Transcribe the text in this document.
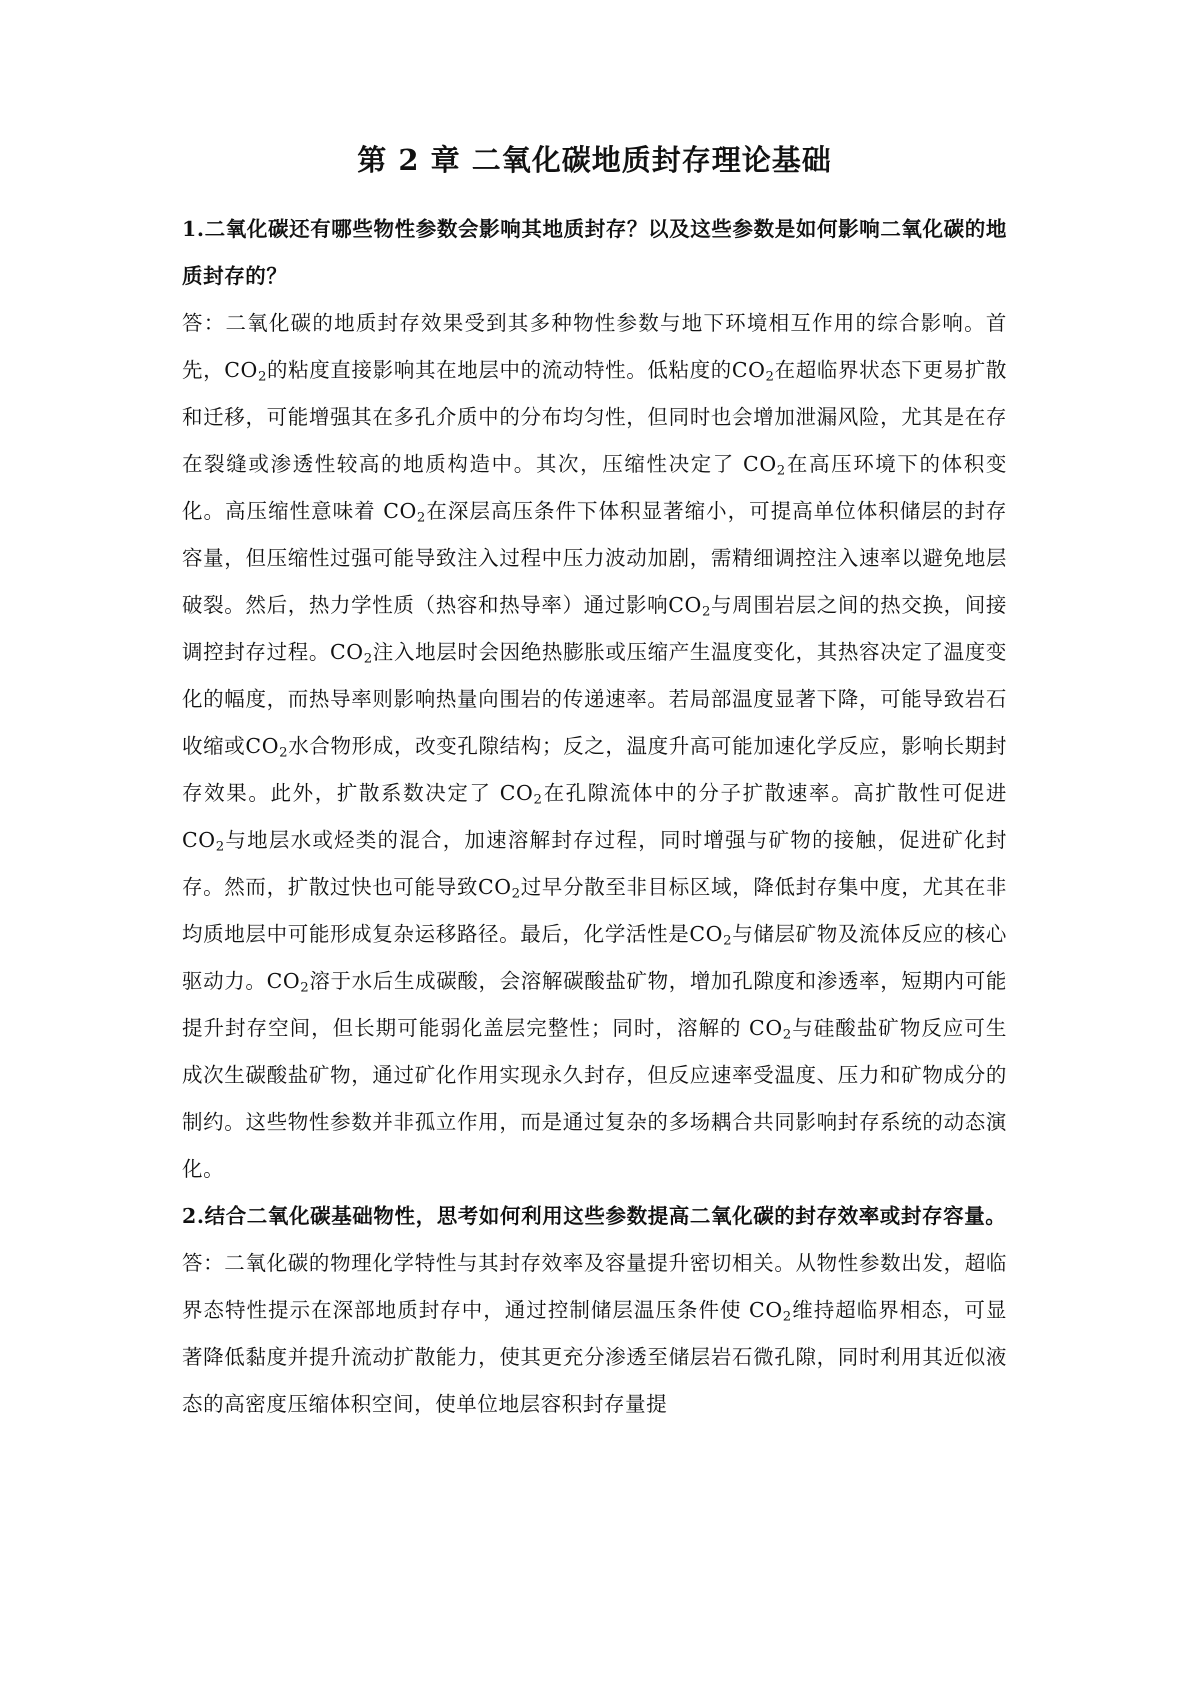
第 2 章 二氧化碳地质封存理论基础

1.二氧化碳还有哪些物性参数会影响其地质封存？以及这些参数是如何影响二氧化碳的地质封存的？

答：二氧化碳的地质封存效果受到其多种物性参数与地下环境相互作用的综合影响。首先，$CO_2$的粘度直接影响其在地层中的流动特性。低粘度的$CO_2$在超临界状态下更易扩散和迁移，可能增强其在多孔介质中的分布均匀性，但同时也会增加泄漏风险，尤其是在存在裂缝或渗透性较高的地质构造中。其次，压缩性决定了 $CO_2$在高压环境下的体积变化。高压缩性意味着 $CO_2$在深层高压条件下体积显著缩小，可提高单位体积储层的封存容量，但压缩性过强可能导致注入过程中压力波动加剧，需精细调控注入速率以避免地层破裂。然后，热力学性质（热容和热导率）通过影响$CO_2$与周围岩层之间的热交换，间接调控封存过程。$CO_2$注入地层时会因绝热膨胀或压缩产生温度变化，其热容决定了温度变化的幅度，而热导率则影响热量向围岩的传递速率。若局部温度显著下降，可能导致岩石收缩或$CO_2$水合物形成，改变孔隙结构；反之，温度升高可能加速化学反应，影响长期封存效果。此外，扩散系数决定了 $CO_2$在孔隙流体中的分子扩散速率。高扩散性可促进 $CO_2$与地层水或烃类的混合，加速溶解封存过程，同时增强与矿物的接触，促进矿化封存。然而，扩散过快也可能导致$CO_2$过早分散至非目标区域，降低封存集中度，尤其在非均质地层中可能形成复杂运移路径。最后，化学活性是$CO_2$与储层矿物及流体反应的核心驱动力。$CO_2$溶于水后生成碳酸，会溶解碳酸盐矿物，增加孔隙度和渗透率，短期内可能提升封存空间，但长期可能弱化盖层完整性；同时，溶解的 $CO_2$与硅酸盐矿物反应可生成次生碳酸盐矿物，通过矿化作用实现永久封存，但反应速率受温度、压力和矿物成分的制约。这些物性参数并非孤立作用，而是通过复杂的多场耦合共同影响封存系统的动态演化。

2.结合二氧化碳基础物性，思考如何利用这些参数提高二氧化碳的封存效率或封存容量。

答：二氧化碳的物理化学特性与其封存效率及容量提升密切相关。从物性参数出发，超临界态特性提示在深部地质封存中，通过控制储层温压条件使 $CO_2$维持超临界相态，可显著降低黏度并提升流动扩散能力，使其更充分渗透至储层岩石微孔隙，同时利用其近似液态的高密度压缩体积空间，使单位地层容积封存量提
